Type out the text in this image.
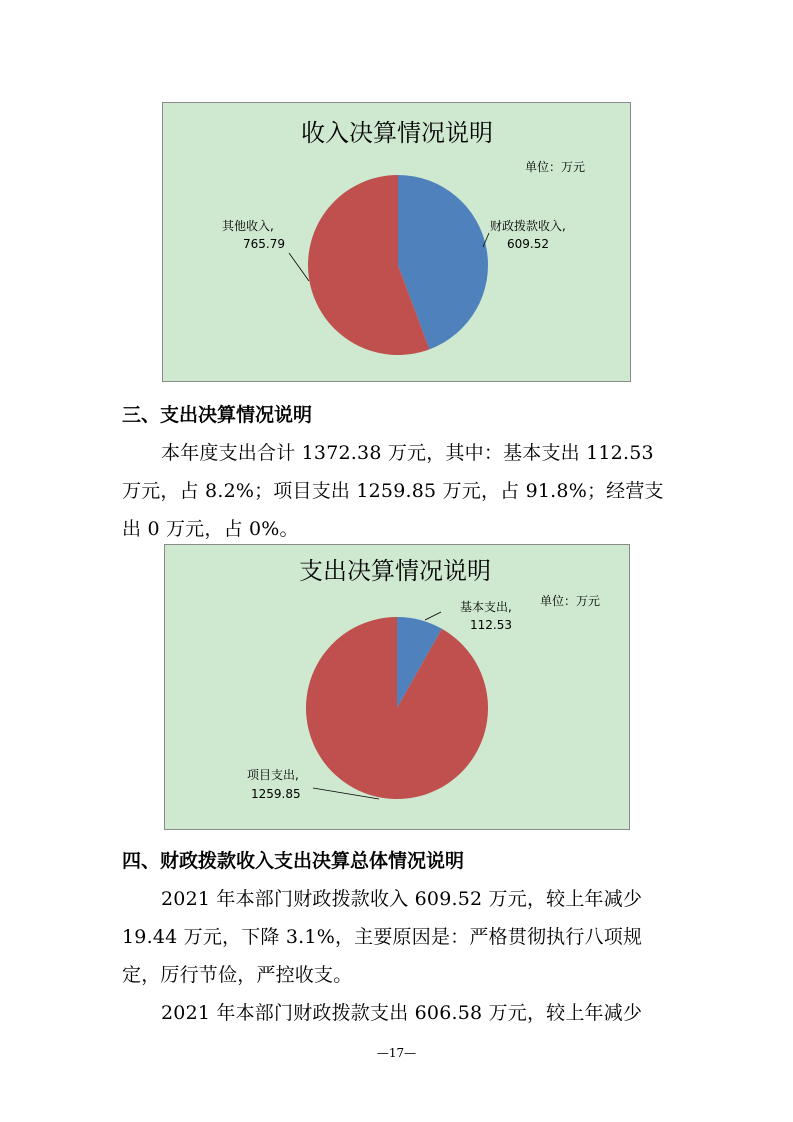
收入决算情况说明
单位：万元
财政拨款收入,
609.52
其他收入,
765.79
三、支出决算情况说明
本年度支出合计 1372.38 万元，其中：基本支出 112.53
万元，占 8.2%；项目支出 1259.85 万元，占 91.8%；经营支
出 0 万元，占 0%。
支出决算情况说明
单位：万元
基本支出,
112.53
项目支出,
1259.85
四、财政拨款收入支出决算总体情况说明
2021 年本部门财政拨款收入 609.52 万元，较上年减少
19.44 万元，下降 3.1%，主要原因是：严格贯彻执行八项规
定，厉行节俭，严控收支。
2021 年本部门财政拨款支出 606.58 万元，较上年减少
—17—
